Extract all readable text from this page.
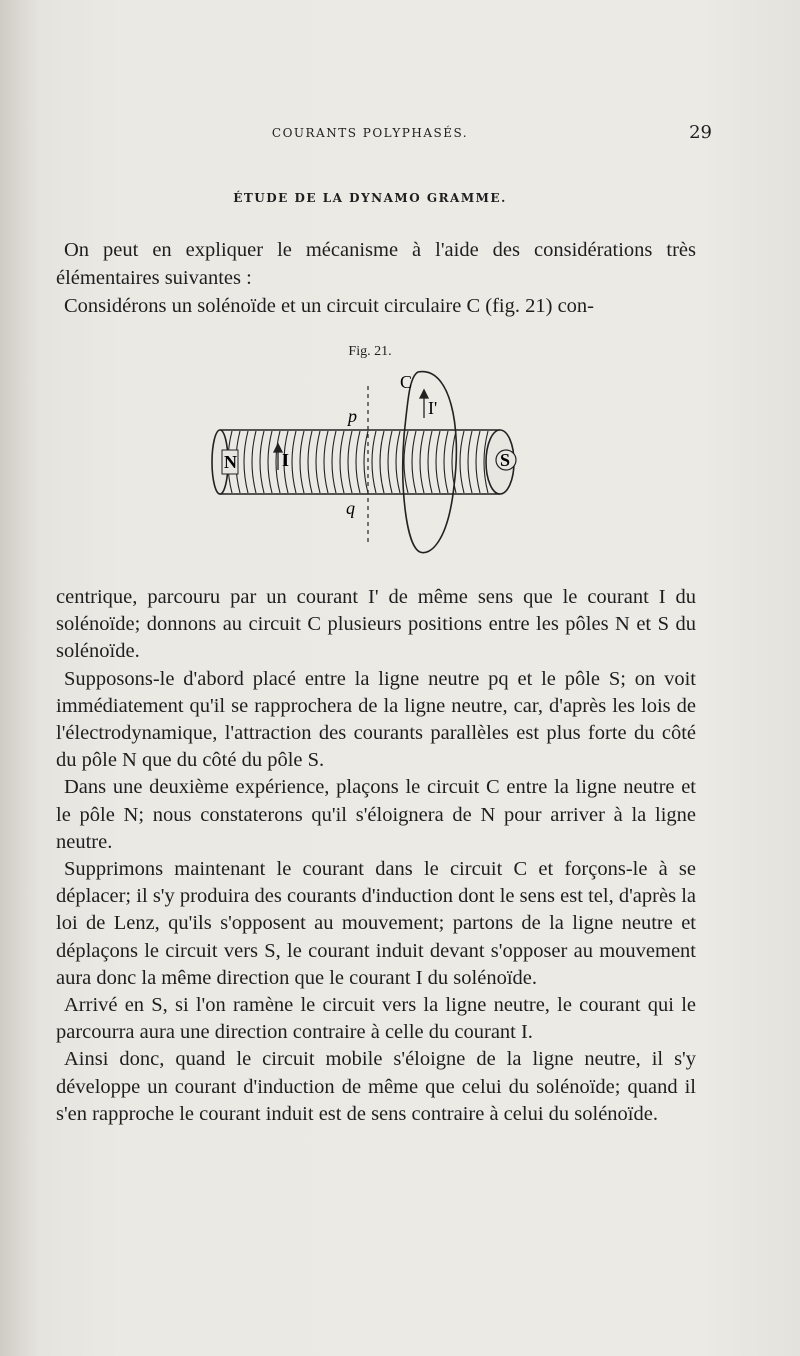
COURANTS POLYPHASÉS.	29
ÉTUDE DE LA DYNAMO GRAMME.

On peut en expliquer le mécanisme à l'aide des considérations très élémentaires suivantes :

Considérons un solénoïde et un circuit circulaire C (fig. 21) con-

Fig. 21.
C
p
q
N	S
I
I'

centrique, parcouru par un courant I' de même sens que le courant I du solénoïde; donnons au circuit C plusieurs positions entre les pôles N et S du solénoïde.

Supposons-le d'abord placé entre la ligne neutre pq et le pôle S; on voit immédiatement qu'il se rapprochera de la ligne neutre, car, d'après les lois de l'électrodynamique, l'attraction des courants parallèles est plus forte du côté du pôle N que du côté du pôle S.

Dans une deuxième expérience, plaçons le circuit C entre la ligne neutre et le pôle N; nous constaterons qu'il s'éloignera de N pour arriver à la ligne neutre.

Supprimons maintenant le courant dans le circuit C et forçons-le à se déplacer; il s'y produira des courants d'induction dont le sens est tel, d'après la loi de Lenz, qu'ils s'opposent au mouvement; partons de la ligne neutre et déplaçons le circuit vers S, le courant induit devant s'opposer au mouvement aura donc la même direction que le courant I du solénoïde.

Arrivé en S, si l'on ramène le circuit vers la ligne neutre, le courant qui le parcourra aura une direction contraire à celle du courant I.

Ainsi donc, quand le circuit mobile s'éloigne de la ligne neutre, il s'y développe un courant d'induction de même que celui du solénoïde; quand il s'en rapproche le courant induit est de sens contraire à celui du solénoïde.
